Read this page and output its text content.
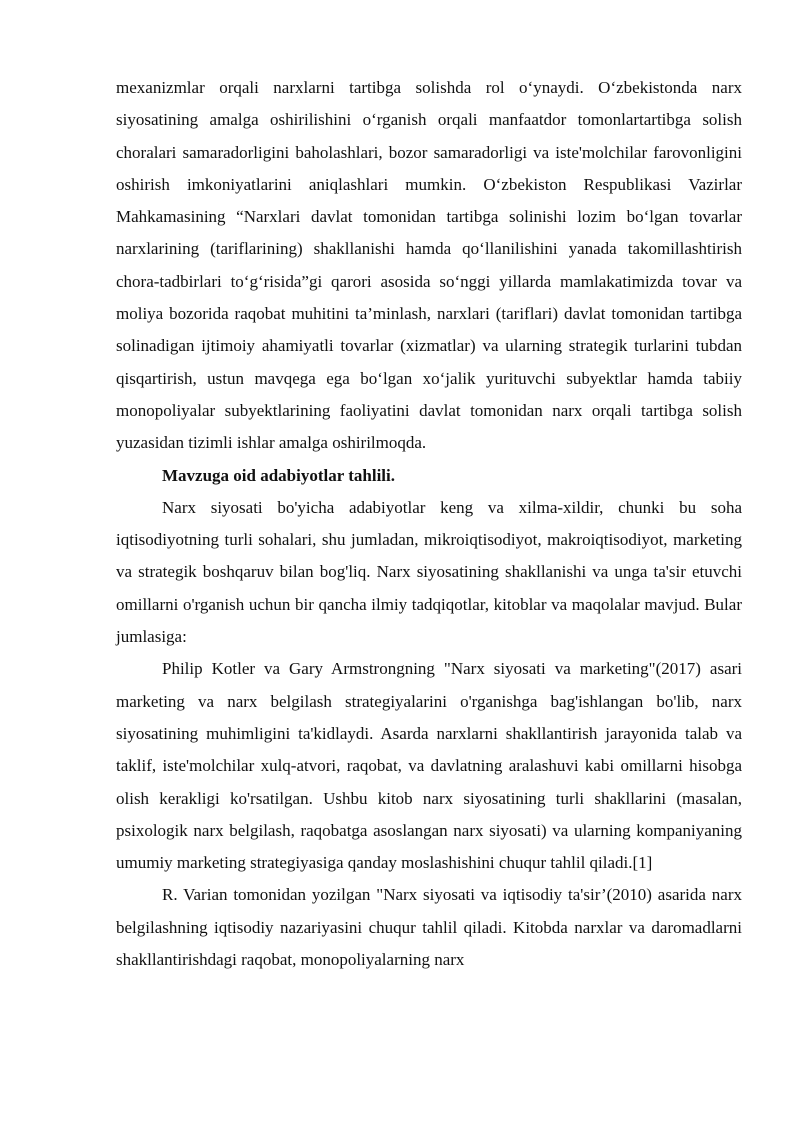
mexanizmlar orqali narxlarni tartibga solishda rol o‘ynaydi. O‘zbekistonda narx siyosatining amalga oshirilishini o‘rganish orqali manfaatdor tomonlartartibga solish choralari samaradorligini baholashlari, bozor samaradorligi va iste'molchilar farovonligini oshirish imkoniyatlarini aniqlashlari mumkin. O‘zbekiston Respublikasi Vazirlar Mahkamasining “Narxlari davlat tomonidan tartibga solinishi lozim bo‘lgan tovarlar narxlarining (tariflarining) shakllanishi hamda qo‘llanilishini yanada takomillashtirish chora-tadbirlari to‘g‘risida”gi qarori asosida so‘nggi yillarda mamlakatimizda tovar va moliya bozorida raqobat muhitini ta’minlash, narxlari (tariflari) davlat tomonidan tartibga solinadigan ijtimoiy ahamiyatli tovarlar (xizmatlar) va ularning strategik turlarini tubdan qisqartirish, ustun mavqega ega bo‘lgan xo‘jalik yurituvchi subyektlar hamda tabiiy monopoliyalar subyektlarining faoliyatini davlat tomonidan narx orqali tartibga solish yuzasidan tizimli ishlar amalga oshirilmoqda.

Mavzuga oid adabiyotlar tahlili.

Narx siyosati bo'yicha adabiyotlar keng va xilma-xildir, chunki bu soha iqtisodiyotning turli sohalari, shu jumladan, mikroiqtisodiyot, makroiqtisodiyot, marketing va strategik boshqaruv bilan bog'liq. Narx siyosatining shakllanishi va unga ta'sir etuvchi omillarni o'rganish uchun bir qancha ilmiy tadqiqotlar, kitoblar va maqolalar mavjud. Bular jumlasiga:

Philip Kotler va Gary Armstrongning "Narx siyosati va marketing"(2017) asari marketing va narx belgilash strategiyalarini o'rganishga bag'ishlangan bo'lib, narx siyosatining muhimligini ta'kidlaydi. Asarda narxlarni shakllantirish jarayonida talab va taklif, iste'molchilar xulq-atvori, raqobat, va davlatning aralashuvi kabi omillarni hisobga olish kerakligi ko'rsatilgan. Ushbu kitob narx siyosatining turli shakllarini (masalan, psixologik narx belgilash, raqobatga asoslangan narx siyosati) va ularning kompaniyaning umumiy marketing strategiyasiga qanday moslashishini chuqur tahlil qiladi.[1]

R. Varian tomonidan yozilgan "Narx siyosati va iqtisodiy ta'sir’(2010) asarida narx belgilashning iqtisodiy nazariyasini chuqur tahlil qiladi. Kitobda narxlar va daromadlarni shakllantirishdagi raqobat, monopoliyalarning narx
